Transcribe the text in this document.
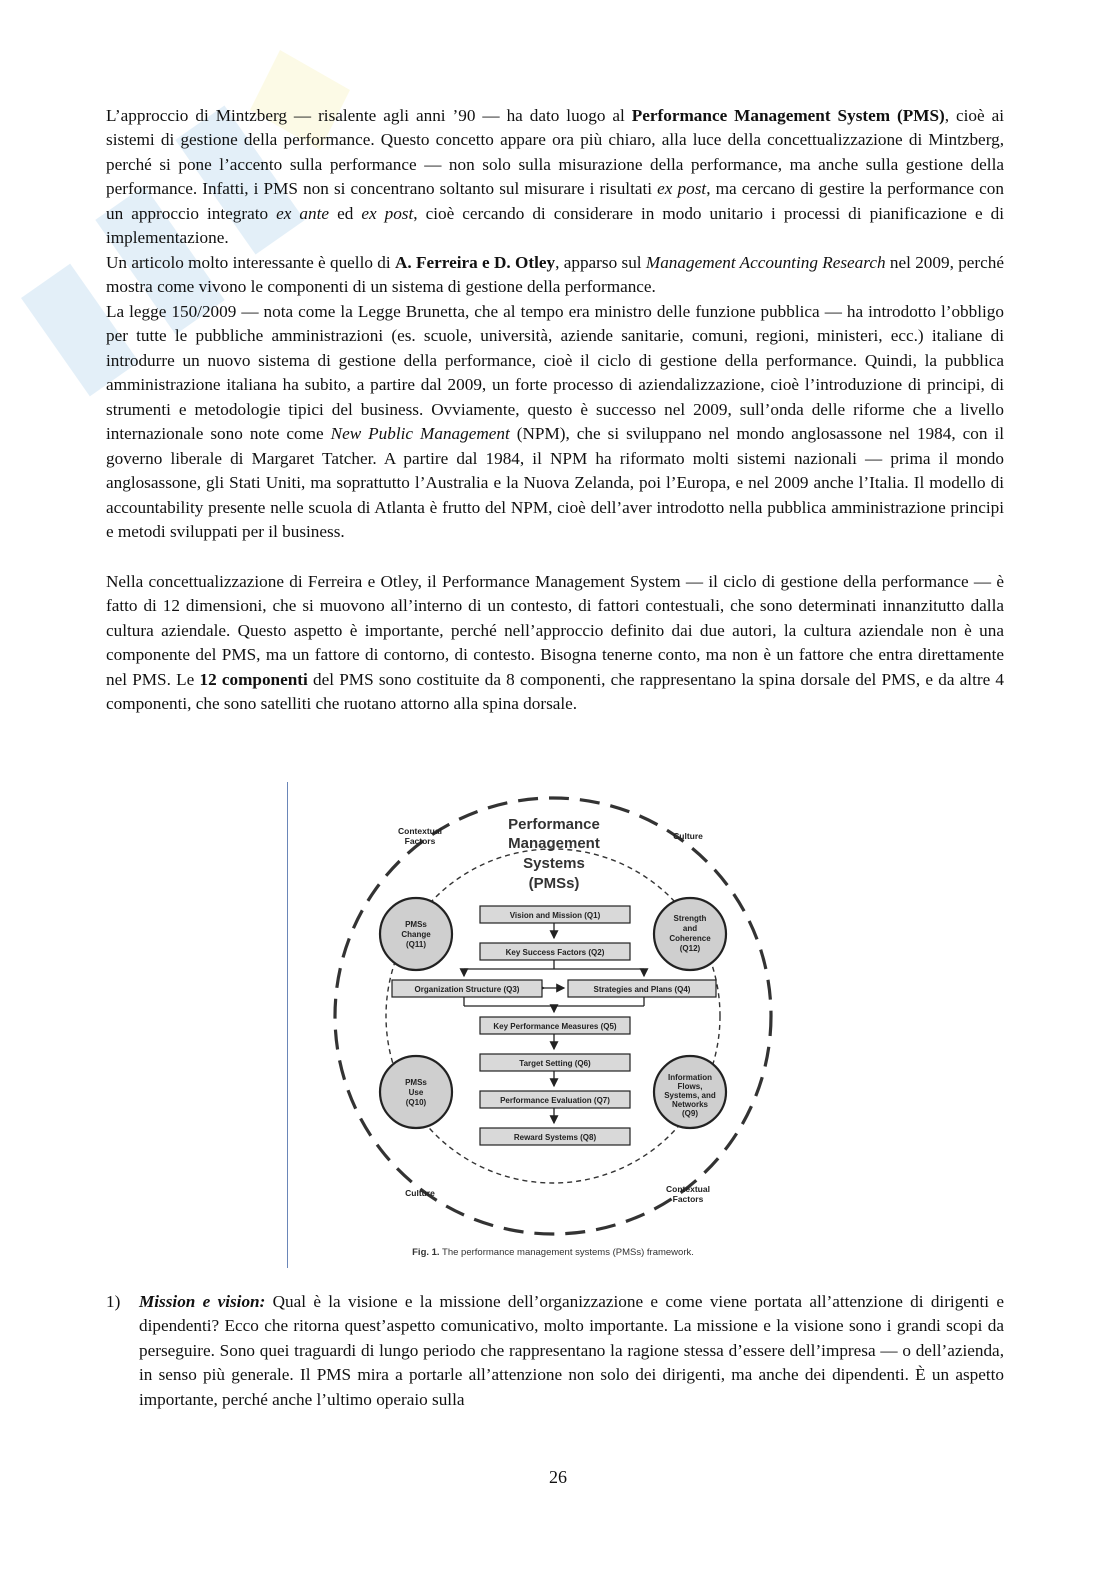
L’approccio di Mintzberg — risalente agli anni ’90 — ha dato luogo al Performance Management System (PMS), cioè ai sistemi di gestione della performance. Questo concetto appare ora più chiaro, alla luce della concettualizzazione di Mintzberg, perché si pone l’accento sulla performance — non solo sulla misurazione della performance, ma anche sulla gestione della performance. Infatti, i PMS non si concentrano soltanto sul misurare i risultati ex post, ma cercano di gestire la performance con un approccio integrato ex ante ed ex post, cioè cercando di considerare in modo unitario i processi di pianificazione e di implementazione.

Un articolo molto interessante è quello di A. Ferreira e D. Otley, apparso sul Management Accounting Research nel 2009, perché mostra come vivono le componenti di un sistema di gestione della performance.

La legge 150/2009 — nota come la Legge Brunetta, che al tempo era ministro delle funzione pubblica — ha introdotto l’obbligo per tutte le pubbliche amministrazioni (es. scuole, università, aziende sanitarie, comuni, regioni, ministeri, ecc.) italiane di introdurre un nuovo sistema di gestione della performance, cioè il ciclo di gestione della performance. Quindi, la pubblica amministrazione italiana ha subito, a partire dal 2009, un forte processo di aziendalizzazione, cioè l’introduzione di principi, di strumenti e metodologie tipici del business. Ovviamente, questo è successo nel 2009, sull’onda delle riforme che a livello internazionale sono note come New Public Management (NPM), che si sviluppano nel mondo anglosassone nel 1984, con il governo liberale di Margaret Tatcher. A partire dal 1984, il NPM ha riformato molti sistemi nazionali — prima il mondo anglosassone, gli Stati Uniti, ma soprattutto l’Australia e la Nuova Zelanda, poi l’Europa, e nel 2009 anche l’Italia. Il modello di accountability presente nelle scuola di Atlanta è frutto del NPM, cioè dell’aver introdotto nella pubblica amministrazione principi e metodi sviluppati per il business.

Nella concettualizzazione di Ferreira e Otley, il Performance Management System — il ciclo di gestione della performance — è fatto di 12 dimensioni, che si muovono all’interno di un contesto, di fattori contestuali, che sono determinati innanzitutto dalla cultura aziendale. Questo aspetto è importante, perché nell’approccio definito dai due autori, la cultura aziendale non è una componente del PMS, ma un fattore di contorno, di contesto. Bisogna tenerne conto, ma non è un fattore che entra direttamente nel PMS. Le 12 componenti del PMS sono costituite da 8 componenti, che rappresentano la spina dorsale del PMS, e da altre 4 componenti, che sono satelliti che ruotano attorno alla spina dorsale.

Contextual
Factors	Culture
Culture	Contextual
Factors
Performance
Management
Systems
(PMSs)
PMSs
Change
(Q11)
Strength
and
Coherence
(Q12)
PMSs
Use
(Q10)
Information
Flows,
Systems, and
Networks
(Q9)
Vision and Mission (Q1)
Key Success Factors (Q2)
Organization Structure (Q3)	Strategies and Plans (Q4)
Key Performance Measures (Q5)
Target Setting (Q6)
Performance Evaluation (Q7)
Reward Systems (Q8)
Fig. 1. The performance management systems (PMSs) framework.
1) Mission e vision: Qual è la visione e la missione dell’organizzazione e come viene portata all’attenzione di dirigenti e dipendenti? Ecco che ritorna quest’aspetto comunicativo, molto importante. La missione e la visione sono i grandi scopi da perseguire. Sono quei traguardi di lungo periodo che rappresentano la ragione stessa d’essere dell’impresa — o dell’azienda, in senso più generale. Il PMS mira a portarle all’attenzione non solo dei dirigenti, ma anche dei dipendenti. È un aspetto importante, perché anche l’ultimo operaio sulla
26
